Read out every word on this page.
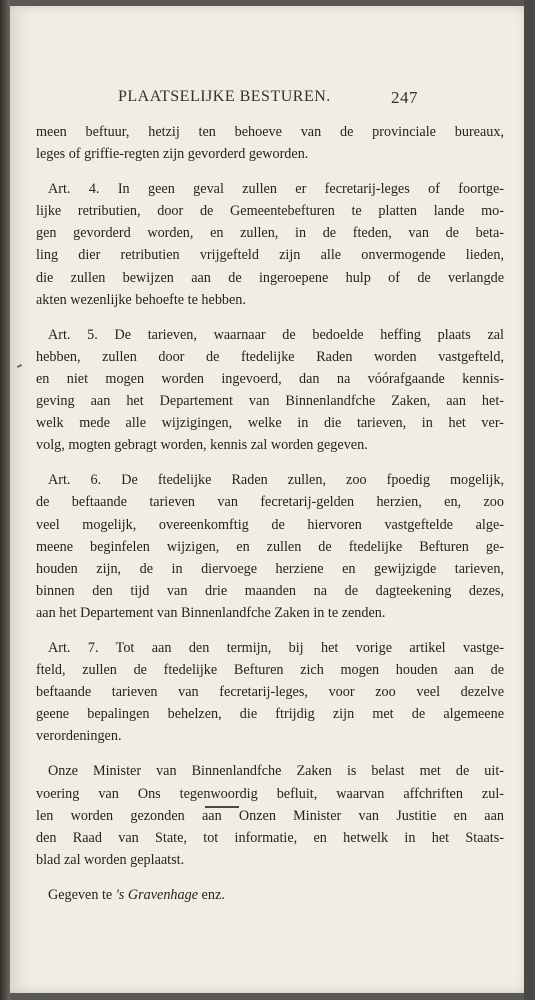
PLAATSELIJKE BESTUREN.	247
meen beftuur, hetzij ten behoeve van de provinciale bureaux,
leges of griffie-regten zijn gevorderd geworden.
Art. 4. In geen geval zullen er fecretarij-leges of foortge-
lijke retributien, door de Gemeentebefturen te platten lande mo-
gen gevorderd worden, en zullen, in de fteden, van de beta-
ling dier retributien vrijgefteld zijn alle onvermogende lieden,
die zullen bewijzen aan de ingeroepene hulp of de verlangde
akten wezenlijke behoefte te hebben.
Art. 5. De tarieven, waarnaar de bedoelde heffing plaats zal
hebben, zullen door de ftedelijke Raden worden vastgefteld,
en niet mogen worden ingevoerd, dan na vóórafgaande kennis-
geving aan het Departement van Binnenlandfche Zaken, aan het-
welk mede alle wijzigingen, welke in die tarieven, in het ver-
volg, mogten gebragt worden, kennis zal worden gegeven.
Art. 6. De ftedelijke Raden zullen, zoo fpoedig mogelijk,
de beftaande tarieven van fecretarij-gelden herzien, en, zoo
veel mogelijk, overeenkomftig de hiervoren vastgeftelde alge-
meene beginfelen wijzigen, en zullen de ftedelijke Befturen ge-
houden zijn, de in diervoege herziene en gewijzigde tarieven,
binnen den tijd van drie maanden na de dagteekening dezes,
aan het Departement van Binnenlandfche Zaken in te zenden.
Art. 7. Tot aan den termijn, bij het vorige artikel vastge-
fteld, zullen de ftedelijke Befturen zich mogen houden aan de
beftaande tarieven van fecretarij-leges, voor zoo veel dezelve
geene bepalingen behelzen, die ftrijdig zijn met de algemeene
verordeningen.
Onze Minister van Binnenlandfche Zaken is belast met de uit-
voering van Ons tegenwoordig befluit, waarvan affchriften zul-
len worden gezonden aan Onzen Minister van Justitie en aan
den Raad van State, tot informatie, en hetwelk in het Staats-
blad zal worden geplaatst.
Gegeven te 's Gravenhage enz.
